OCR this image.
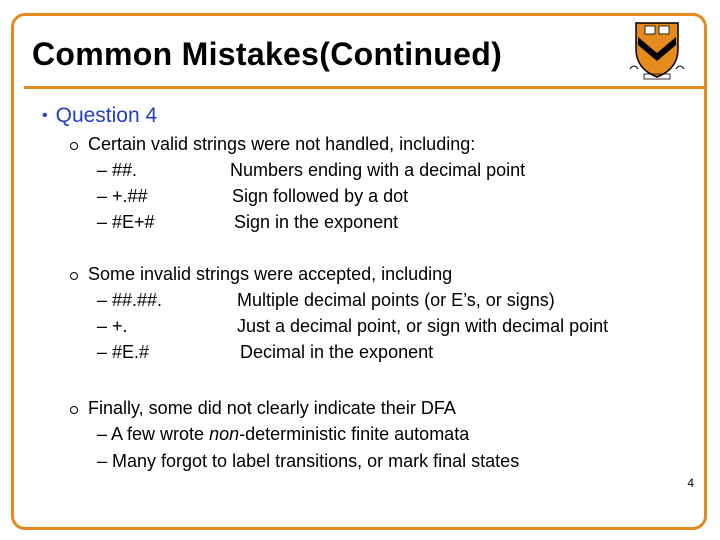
Common Mistakes(Continued)
• Question 4
Certain valid strings were not handled, including:
– ##.	Numbers ending with a decimal point
– +.##	Sign followed by a dot
– #E+#	Sign in the exponent
Some invalid strings were accepted, including
– ##.##.	Multiple decimal points (or E’s, or signs)
– +.	Just a decimal point, or sign with decimal point
– #E.#	Decimal in the exponent
Finally, some did not clearly indicate their DFA
– A few wrote non-deterministic finite automata
– Many forgot to label transitions, or mark final states
4
